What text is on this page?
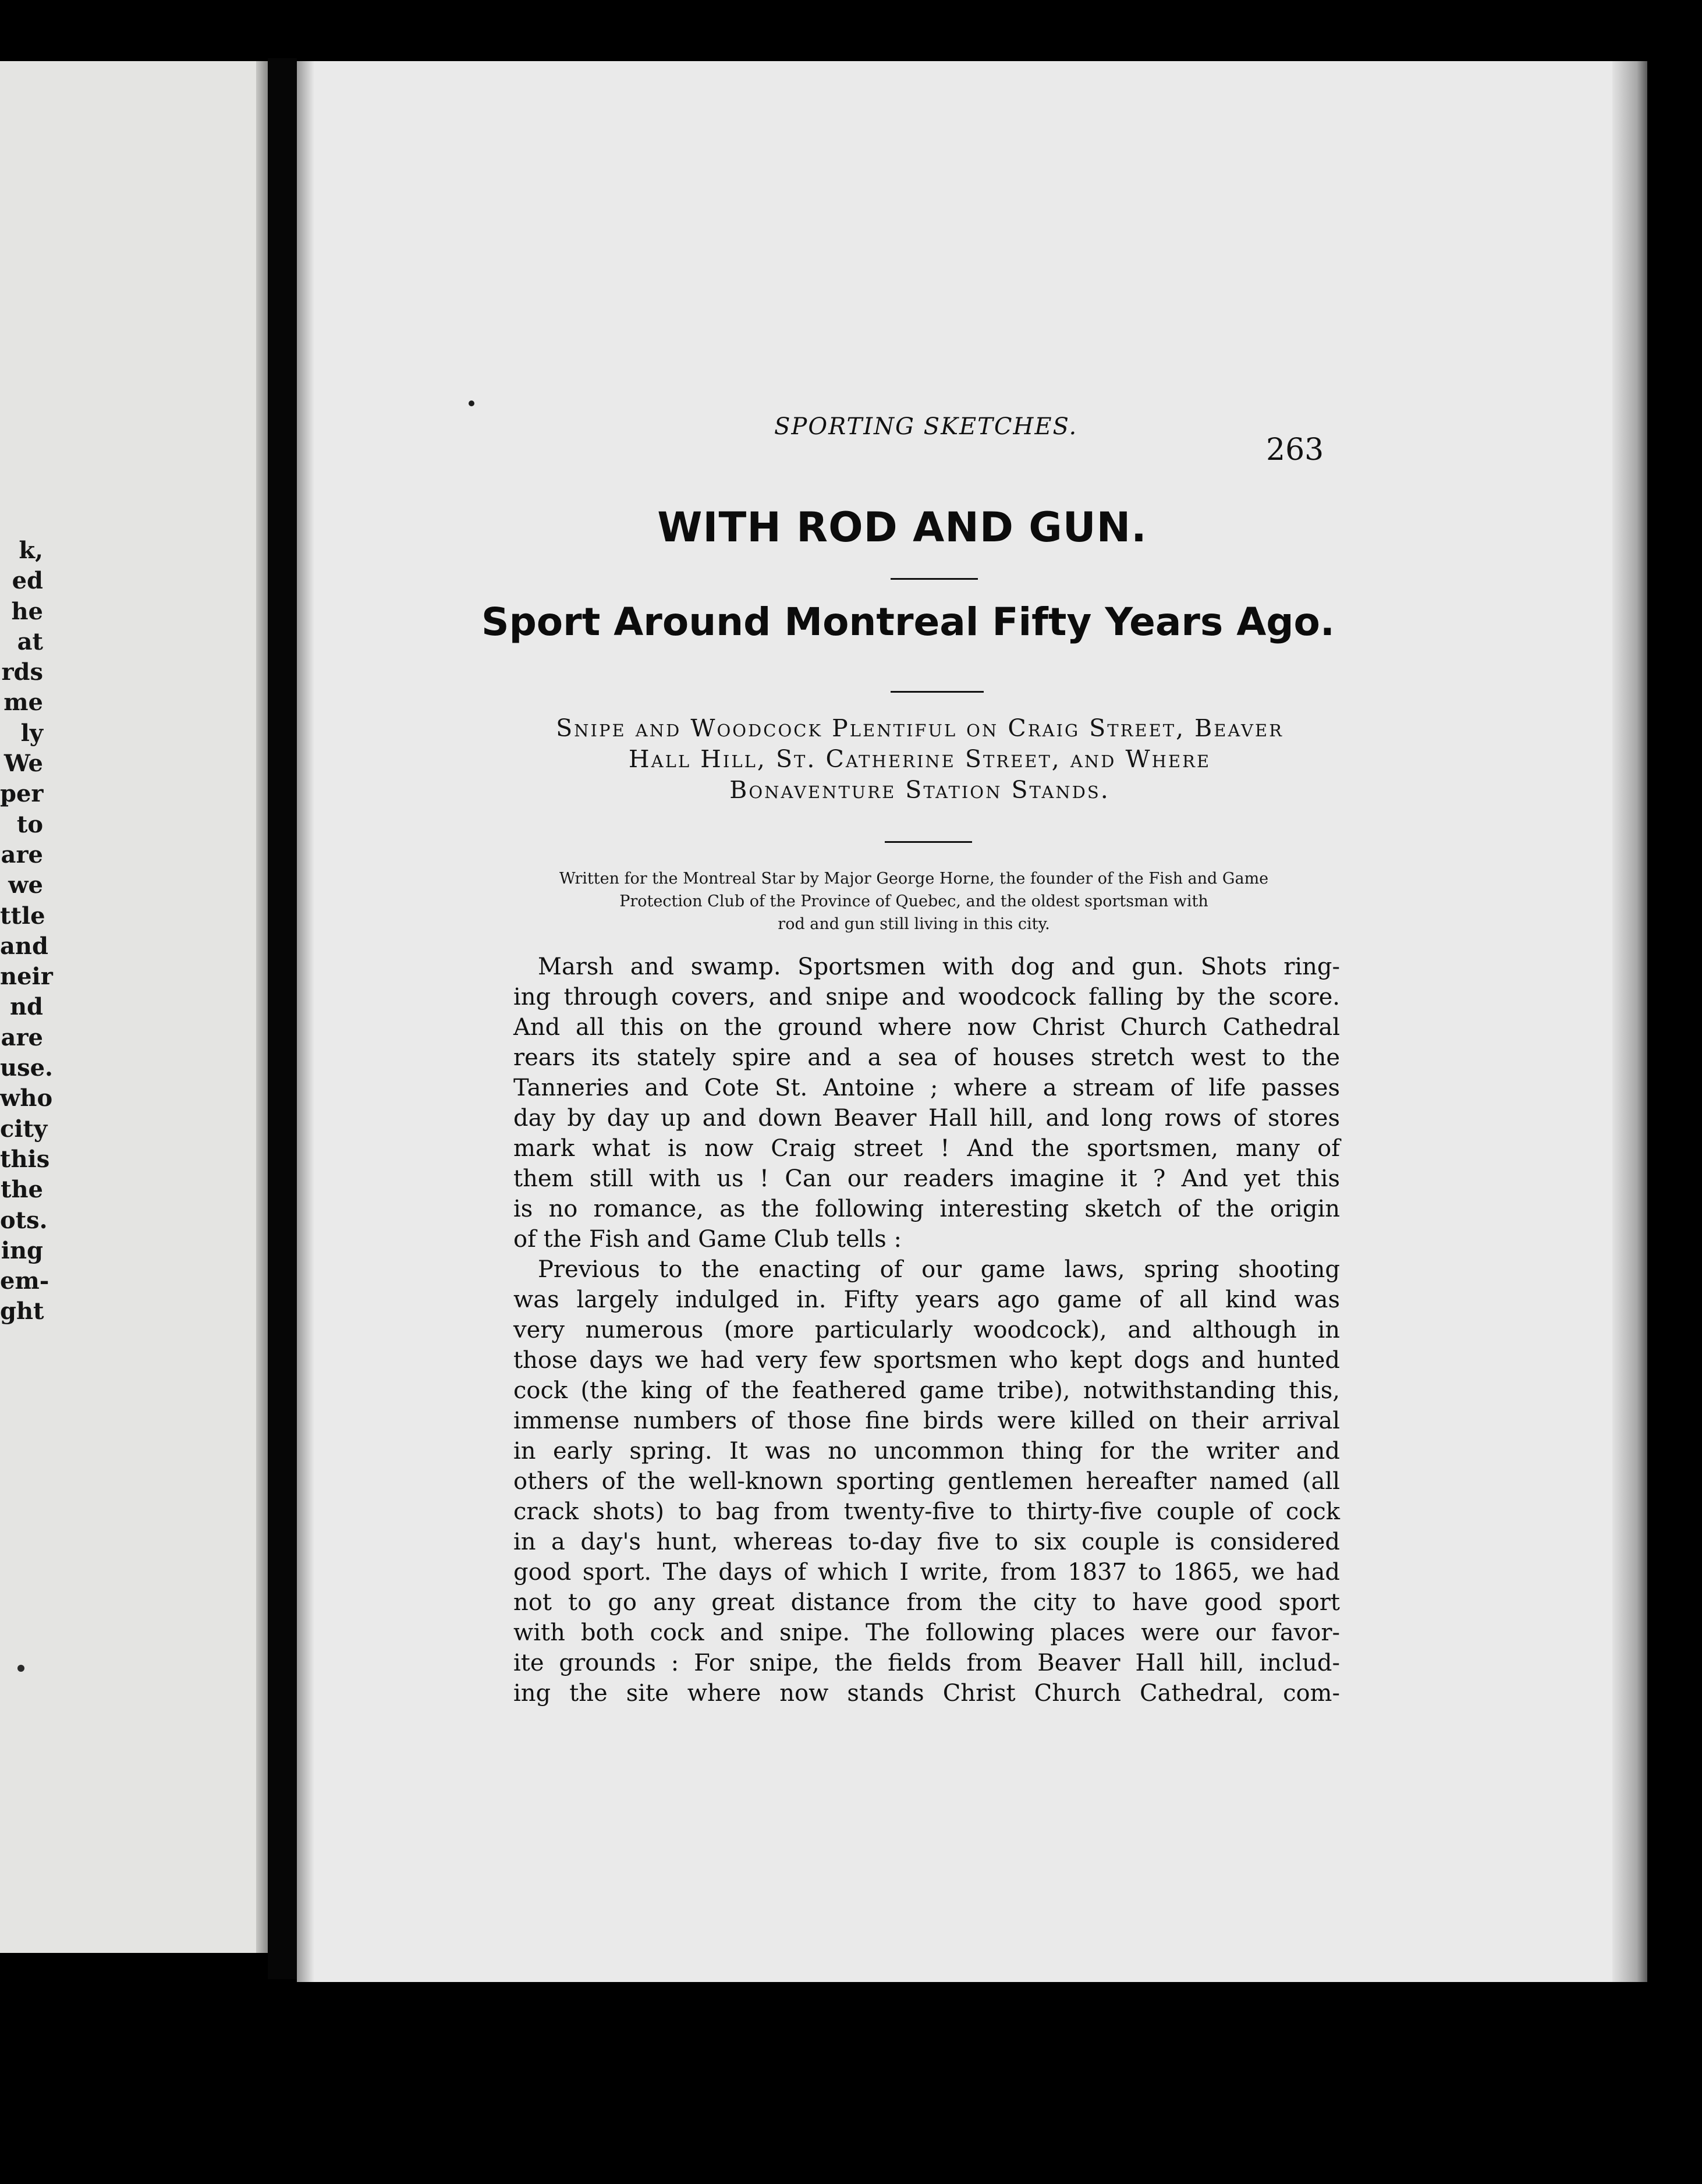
k,
ed
he
at
rds
me
ly
We
per
to
are
we
ttle
and
neir
nd
are
use.
who
city
this
the
ots.
ing
em-
ght
SPORTING SKETCHES.
263
WITH ROD AND GUN.
Sport Around Montreal Fifty Years Ago.
Snipe and Woodcock Plentiful on Craig Street, Beaver
Hall Hill, St. Catherine Street, and Where
Bonaventure Station Stands.
Written for the Montreal Star by Major George Horne, the founder of the Fish and Game
Protection Club of the Province of Quebec, and the oldest sportsman with
rod and gun still living in this city.
Marsh and swamp. Sportsmen with dog and gun. Shots ring-
ing through covers, and snipe and woodcock falling by the score.
And all this on the ground where now Christ Church Cathedral
rears its stately spire and a sea of houses stretch west to the
Tanneries and Cote St. Antoine ; where a stream of life passes
day by day up and down Beaver Hall hill, and long rows of stores
mark what is now Craig street ! And the sportsmen, many of
them still with us ! Can our readers imagine it ? And yet this
is no romance, as the following interesting sketch of the origin
of the Fish and Game Club tells :
Previous to the enacting of our game laws, spring shooting
was largely indulged in. Fifty years ago game of all kind was
very numerous (more particularly woodcock), and although in
those days we had very few sportsmen who kept dogs and hunted
cock (the king of the feathered game tribe), notwithstanding this,
immense numbers of those fine birds were killed on their arrival
in early spring. It was no uncommon thing for the writer and
others of the well-known sporting gentlemen hereafter named (all
crack shots) to bag from twenty-five to thirty-five couple of cock
in a day's hunt, whereas to-day five to six couple is considered
good sport. The days of which I write, from 1837 to 1865, we had
not to go any great distance from the city to have good sport
with both cock and snipe. The following places were our favor-
ite grounds : For snipe, the fields from Beaver Hall hill, includ-
ing the site where now stands Christ Church Cathedral, com-
